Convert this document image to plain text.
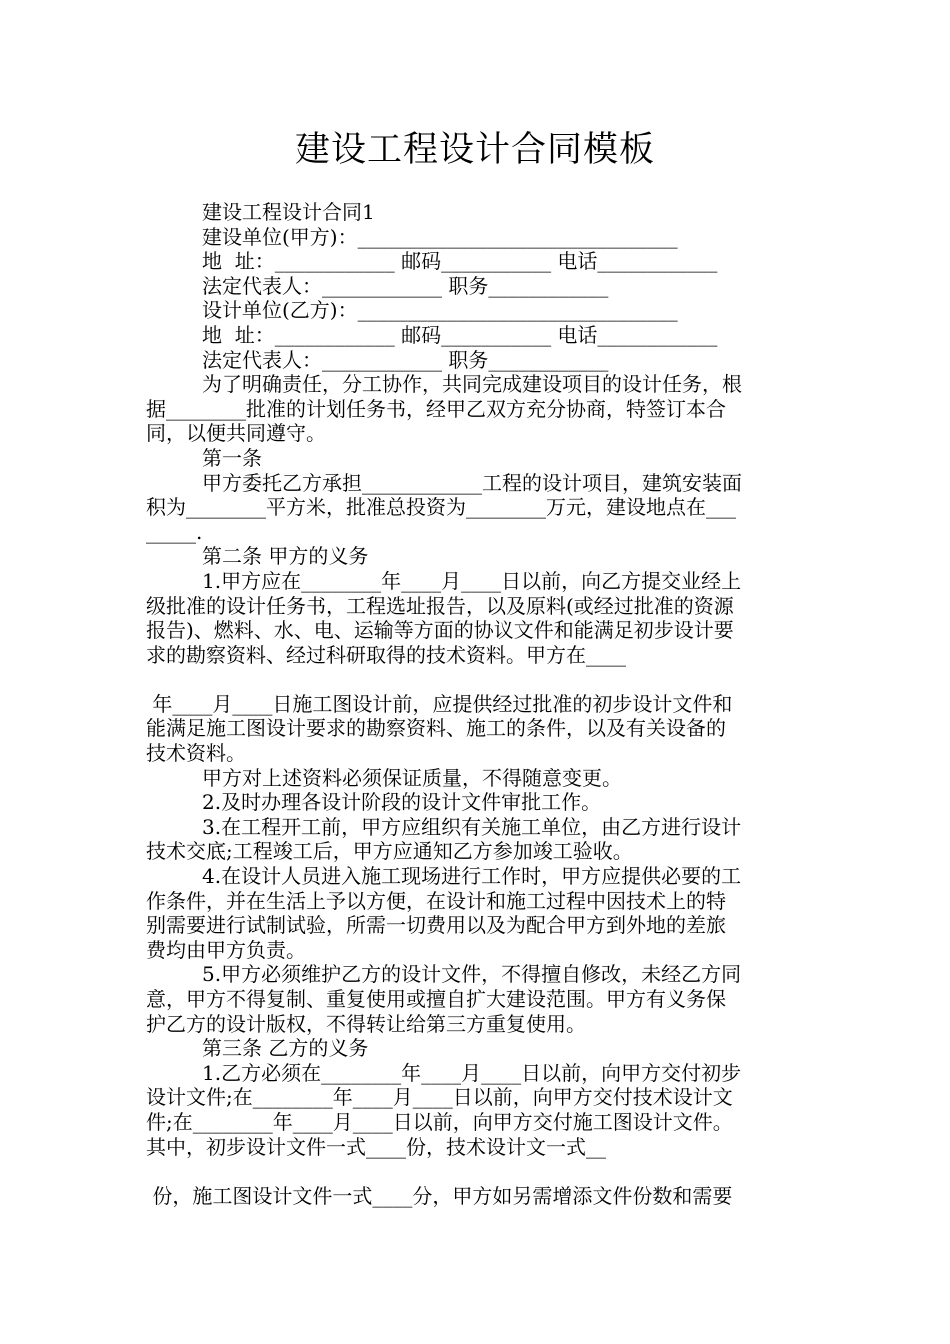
建设工程设计合同模板
建设工程设计合同1
建设单位(甲方)：________________________________
地  址：____________ 邮码___________ 电话____________
法定代表人：____________ 职务____________
设计单位(乙方)：________________________________
地  址：____________ 邮码___________ 电话____________
法定代表人：____________ 职务____________
为了明确责任，分工协作，共同完成建设项目的设计任务，根
据________批准的计划任务书，经甲乙双方充分协商，特签订本合
同，以便共同遵守。
第一条
甲方委托乙方承担____________工程的设计项目，建筑安装面
积为________平方米，批准总投资为________万元，建设地点在___
_____.
第二条 甲方的义务
1.甲方应在________年____月____日以前，向乙方提交业经上
级批准的设计任务书，工程选址报告，以及原料(或经过批准的资源
报告)、燃料、水、电、运输等方面的协议文件和能满足初步设计要
求的勘察资料、经过科研取得的技术资料。甲方在____
年____月____日施工图设计前，应提供经过批准的初步设计文件和
能满足施工图设计要求的勘察资料、施工的条件，以及有关设备的
技术资料。
甲方对上述资料必须保证质量，不得随意变更。
2.及时办理各设计阶段的设计文件审批工作。
3.在工程开工前，甲方应组织有关施工单位，由乙方进行设计
技术交底;工程竣工后，甲方应通知乙方参加竣工验收。
4.在设计人员进入施工现场进行工作时，甲方应提供必要的工
作条件，并在生活上予以方便，在设计和施工过程中因技术上的特
别需要进行试制试验，所需一切费用以及为配合甲方到外地的差旅
费均由甲方负责。
5.甲方必须维护乙方的设计文件，不得擅自修改，未经乙方同
意，甲方不得复制、重复使用或擅自扩大建设范围。甲方有义务保
护乙方的设计版权，不得转让给第三方重复使用。
第三条 乙方的义务
1.乙方必须在________年____月____日以前，向甲方交付初步
设计文件;在________年____月____日以前，向甲方交付技术设计文
件;在________年____月____日以前，向甲方交付施工图设计文件。
其中，初步设计文件一式____份，技术设计文一式__
份，施工图设计文件一式____分，甲方如另需增添文件份数和需要
